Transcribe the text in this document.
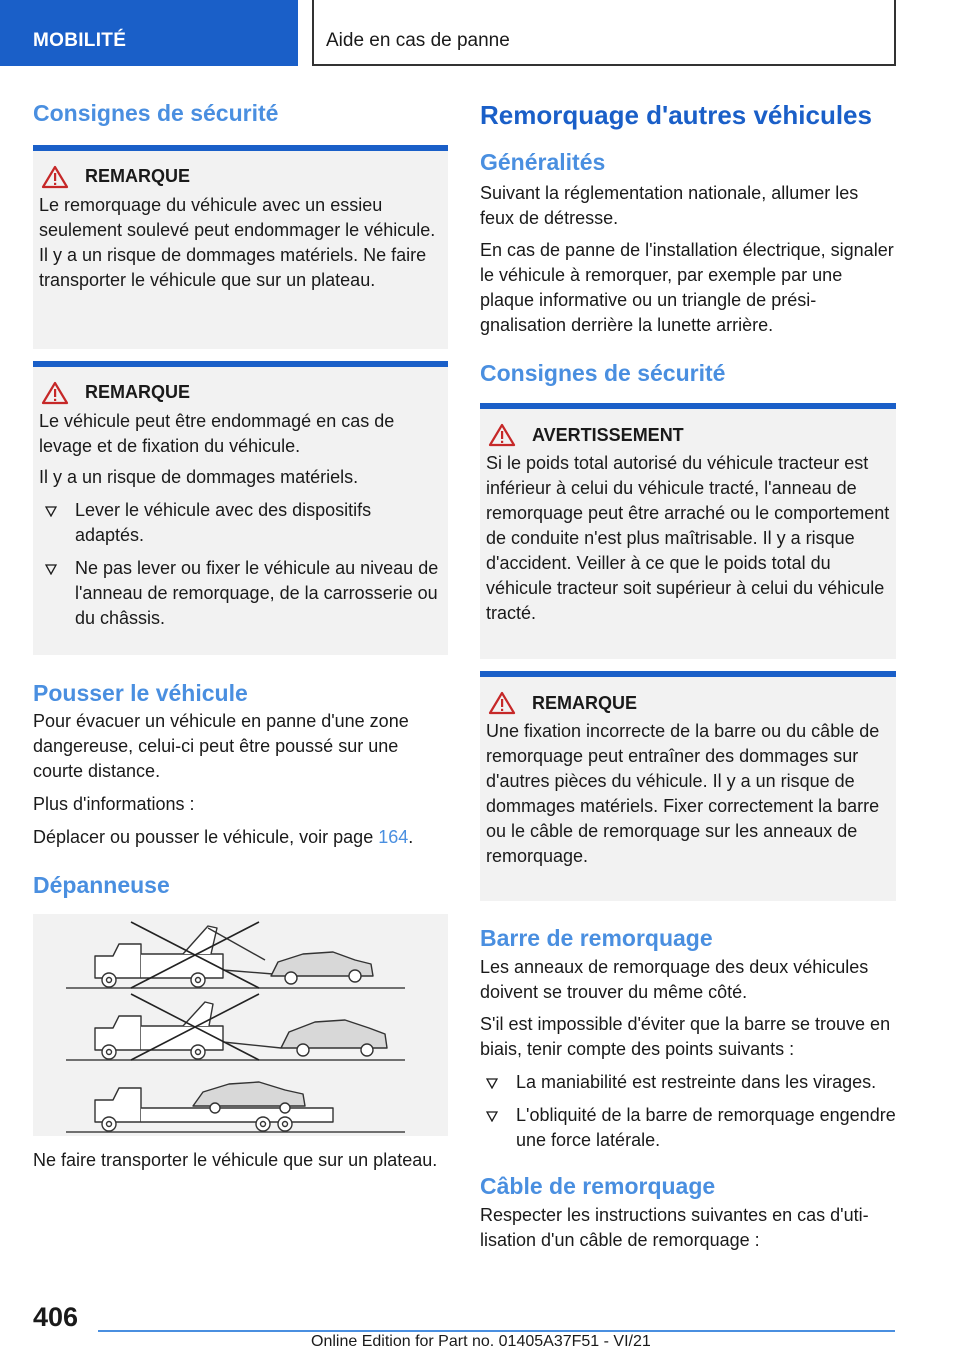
MOBILITÉ	Aide en cas de panne
Consignes de sécurité
REMARQUE

Le remorquage du véhicule avec un essieu seulement soulevé peut endommager le véhicule. Il y a un risque de dommages matériels. Ne faire transporter le véhicule que sur un plateau.

REMARQUE

Le véhicule peut être endommagé en cas de levage et de fixation du véhicule.

Il y a un risque de dommages matériels.

Lever le véhicule avec des dispositifs adaptés.
Ne pas lever ou fixer le véhicule au niveau de l'anneau de remorquage, de la carrosserie ou du châssis.
Pousser le véhicule

Pour évacuer un véhicule en panne d'une zone dangereuse, celui-ci peut être poussé sur une courte distance.

Plus d'informations :

Déplacer ou pousser le véhicule, voir page 164.

Dépanneuse

Ne faire transporter le véhicule que sur un plateau.

Remorquage d'autres véhicules
Généralités

Suivant la réglementation nationale, allumer les feux de détresse.

En cas de panne de l'installation électrique, signaler le véhicule à remorquer, par exemple par une plaque informative ou un triangle de présignalisation derrière la lunette arrière.

Consignes de sécurité
AVERTISSEMENT

Si le poids total autorisé du véhicule tracteur est inférieur à celui du véhicule tracté, l'anneau de remorquage peut être arraché ou le comportement de conduite n'est plus maîtrisable. Il y a risque d'accident. Veiller à ce que le poids total du véhicule tracteur soit supérieur à celui du véhicule tracté.

REMARQUE

Une fixation incorrecte de la barre ou du câble de remorquage peut entraîner des dommages sur d'autres pièces du véhicule. Il y a un risque de dommages matériels. Fixer correctement la barre ou le câble de remorquage sur les anneaux de remorquage.

Barre de remorquage

Les anneaux de remorquage des deux véhicules doivent se trouver du même côté.

S'il est impossible d'éviter que la barre se trouve en biais, tenir compte des points suivants :

La maniabilité est restreinte dans les virages.
L'obliquité de la barre de remorquage engendre une force latérale.
Câble de remorquage

Respecter les instructions suivantes en cas d'utilisation d'un câble de remorquage :

406
Online Edition for Part no. 01405A37F51 - VI/21
